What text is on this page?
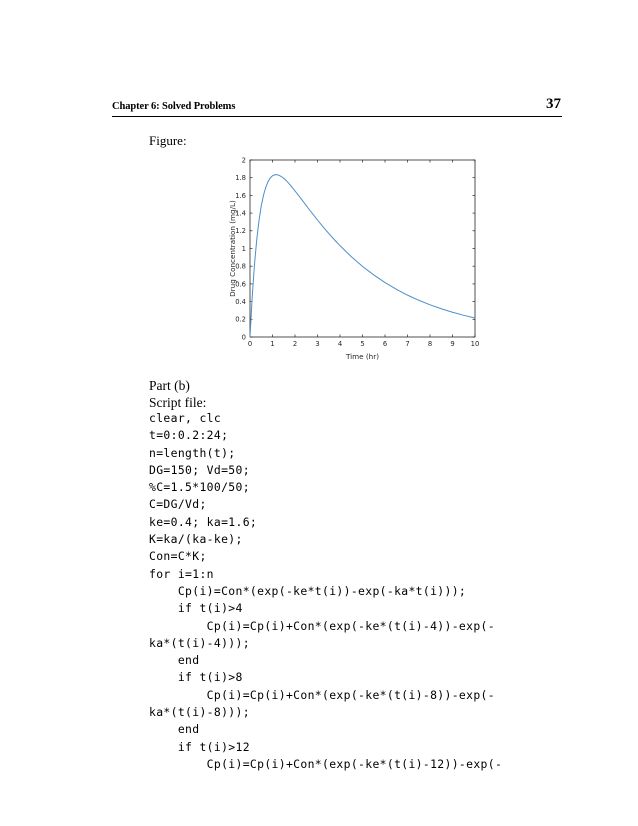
Chapter 6: Solved Problems	37
Figure:
0	1	2	3	4	5	6	7	8	9 10
0
0.2
0.4
0.6
0.8
1
1.2
1.4
1.6
1.8
2
Time (hr)
Drug Concentration (mg/L)
Part (b)
Script file:
clear, clc
t=0:0.2:24;
n=length(t);
DG=150; Vd=50;
%C=1.5*100/50;
C=DG/Vd;
ke=0.4; ka=1.6;
K=ka/(ka-ke);
Con=C*K;
for i=1:n
Cp(i)=Con*(exp(-ke*t(i))-exp(-ka*t(i)));
if t(i)>4
Cp(i)=Cp(i)+Con*(exp(-ke*(t(i)-4))-exp(-
ka*(t(i)-4)));
end
if t(i)>8
Cp(i)=Cp(i)+Con*(exp(-ke*(t(i)-8))-exp(-
ka*(t(i)-8)));
end
if t(i)>12
Cp(i)=Cp(i)+Con*(exp(-ke*(t(i)-12))-exp(-
